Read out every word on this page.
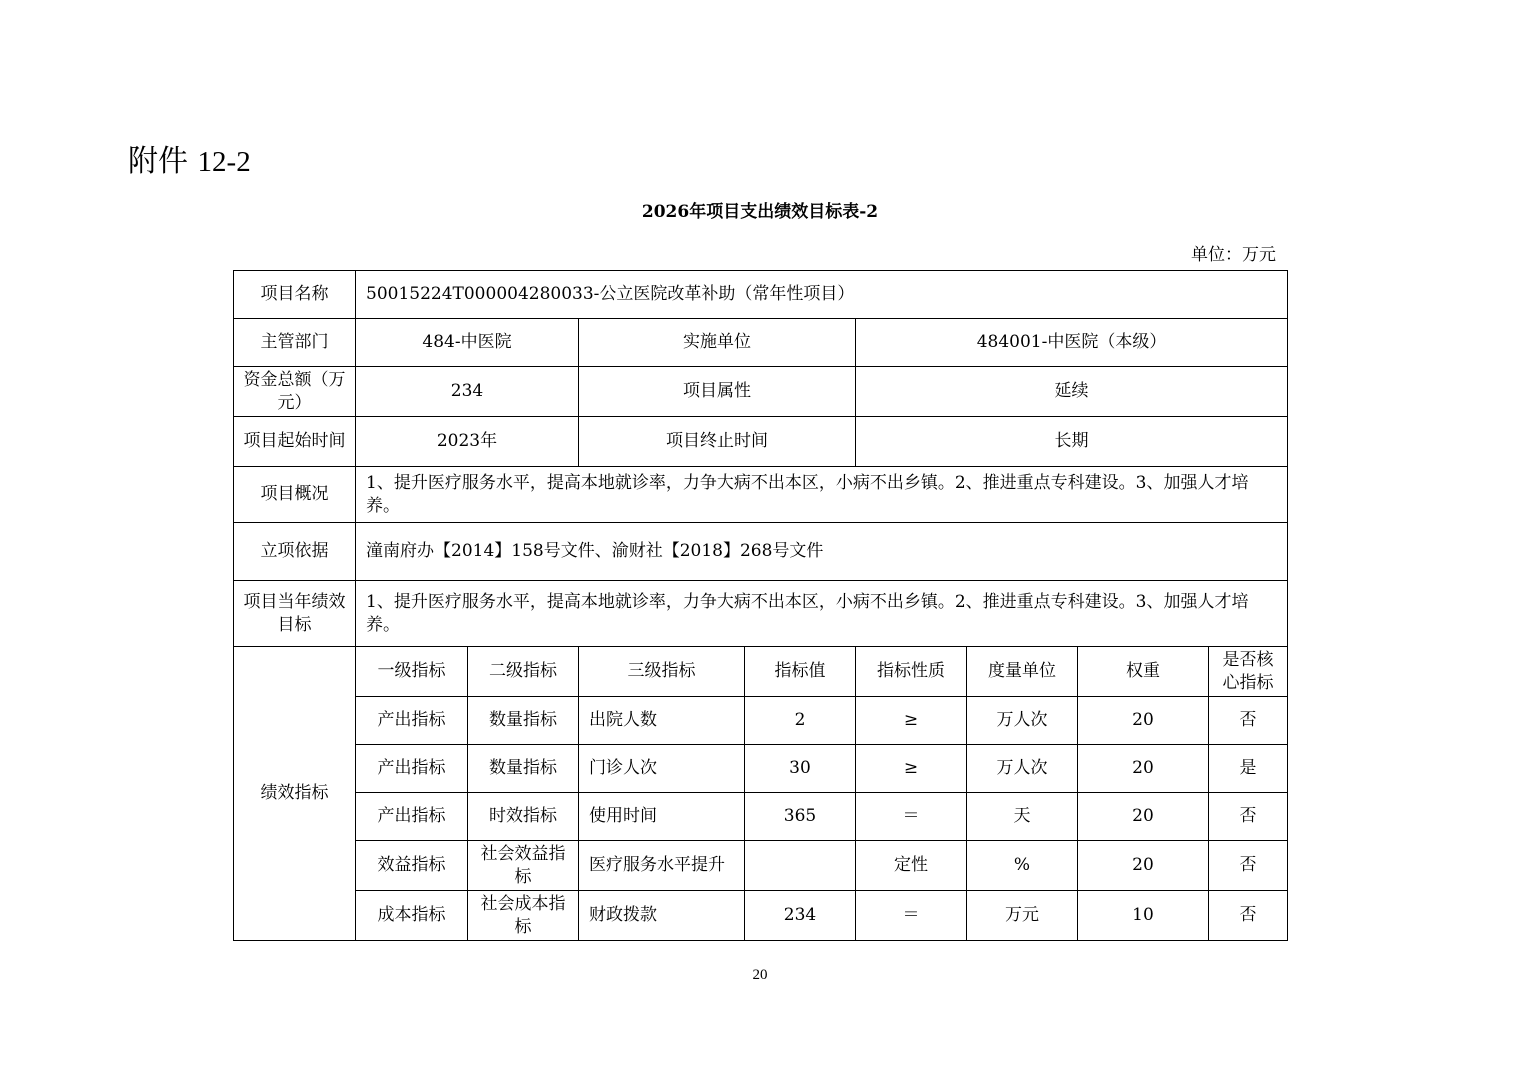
附件 12-2
2026年项目支出绩效目标表-2
单位：万元
项目名称	50015224T000004280033-公立医院改革补助（常年性项目）							
主管部门	484-中医院		实施单位		484001-中医院（本级）			
资金总额（万元）	234		项目属性		延续			
项目起始时间	2023年		项目终止时间		长期			
项目概况	1、提升医疗服务水平，提高本地就诊率，力争大病不出本区，小病不出乡镇。2、推进重点专科建设。3、加强人才培养。							
立项依据	潼南府办【2014】158号文件、渝财社【2018】268号文件							
项目当年绩效目标	1、提升医疗服务水平，提高本地就诊率，力争大病不出本区，小病不出乡镇。2、推进重点专科建设。3、加强人才培养。							
绩效指标	一级指标	二级指标	三级指标	指标值	指标性质	度量单位	权重	是否核心指标
	产出指标	数量指标	出院人数	2	≥	万人次	20	否
	产出指标	数量指标	门诊人次	30	≥	万人次	20	是
	产出指标	时效指标	使用时间	365	＝	天	20	否
	效益指标	社会效益指标	医疗服务水平提升		定性	%	20	否
	成本指标	社会成本指标	财政拨款	234	＝	万元	10	否
20
